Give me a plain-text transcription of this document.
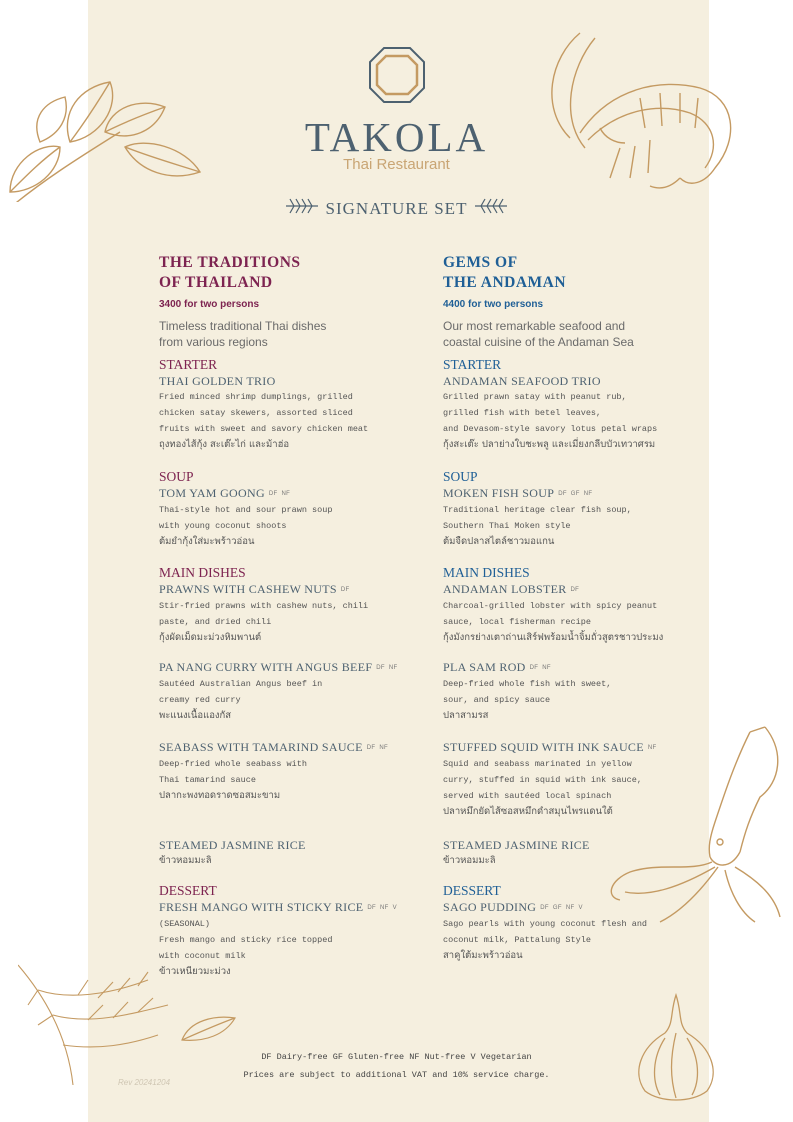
TAKOLA
Thai Restaurant
SIGNATURE SET
THE TRADITIONS
OF THAILAND
3400 for two persons
Timeless traditional Thai dishes
from various regions
STARTER
THAI GOLDEN TRIO
Fried minced shrimp dumplings, grilled
chicken satay skewers, assorted sliced
fruits with sweet and savory chicken meat
ถุงทองไส้กุ้ง สะเต๊ะไก่ และม้าฮ่อ
SOUP
TOM YAM GOONG DF NF
Thai-style hot and sour prawn soup
with young coconut shoots
ต้มยำกุ้งใส่มะพร้าวอ่อน
MAIN DISHES
PRAWNS WITH CASHEW NUTS DF
Stir-fried prawns with cashew nuts, chili
paste, and dried chili
กุ้งผัดเม็ดมะม่วงหิมพานต์
PA NANG CURRY WITH ANGUS BEEF DF NF
Sautéed Australian Angus beef in
creamy red curry
พะแนงเนื้อแองกัส
SEABASS WITH TAMARIND SAUCE DF NF
Deep-fried whole seabass with
Thai tamarind sauce
ปลากะพงทอดราดซอสมะขาม
STEAMED JASMINE RICE
ข้าวหอมมะลิ
DESSERT
FRESH MANGO WITH STICKY RICE DF NF V
(SEASONAL)
Fresh mango and sticky rice topped
with coconut milk
ข้าวเหนียวมะม่วง
GEMS OF
THE ANDAMAN
4400 for two persons
Our most remarkable seafood and
coastal cuisine of the Andaman Sea
STARTER
ANDAMAN SEAFOOD TRIO
Grilled prawn satay with peanut rub,
grilled fish with betel leaves,
and Devasom-style savory lotus petal wraps
กุ้งสะเต๊ะ ปลาย่างใบชะพลู และเมี่ยงกลีบบัวเทวาศรม
SOUP
MOKEN FISH SOUP DF GF NF
Traditional heritage clear fish soup,
Southern Thai Moken style
ต้มจืดปลาสไตล์ชาวมอแกน
MAIN DISHES
ANDAMAN LOBSTER DF
Charcoal-grilled lobster with spicy peanut
sauce, local fisherman recipe
กุ้งมังกรย่างเตาถ่านเสิร์ฟพร้อมน้ำจิ้มถั่วสูตรชาวประมง
PLA SAM ROD DF NF
Deep-fried whole fish with sweet,
sour, and spicy sauce
ปลาสามรส
STUFFED SQUID WITH INK SAUCE NF
Squid and seabass marinated in yellow
curry, stuffed in squid with ink sauce,
served with sautéed local spinach
ปลาหมึกยัดไส้ซอสหมึกดำสมุนไพรแดนใต้
STEAMED JASMINE RICE
ข้าวหอมมะลิ
DESSERT
SAGO PUDDING DF GF NF V
Sago pearls with young coconut flesh and
coconut milk, Pattalung Style
สาคูใต้มะพร้าวอ่อน
DF Dairy-free GF Gluten-free NF Nut-free V Vegetarian
Prices are subject to additional VAT and 10% service charge.
Rev 20241204
